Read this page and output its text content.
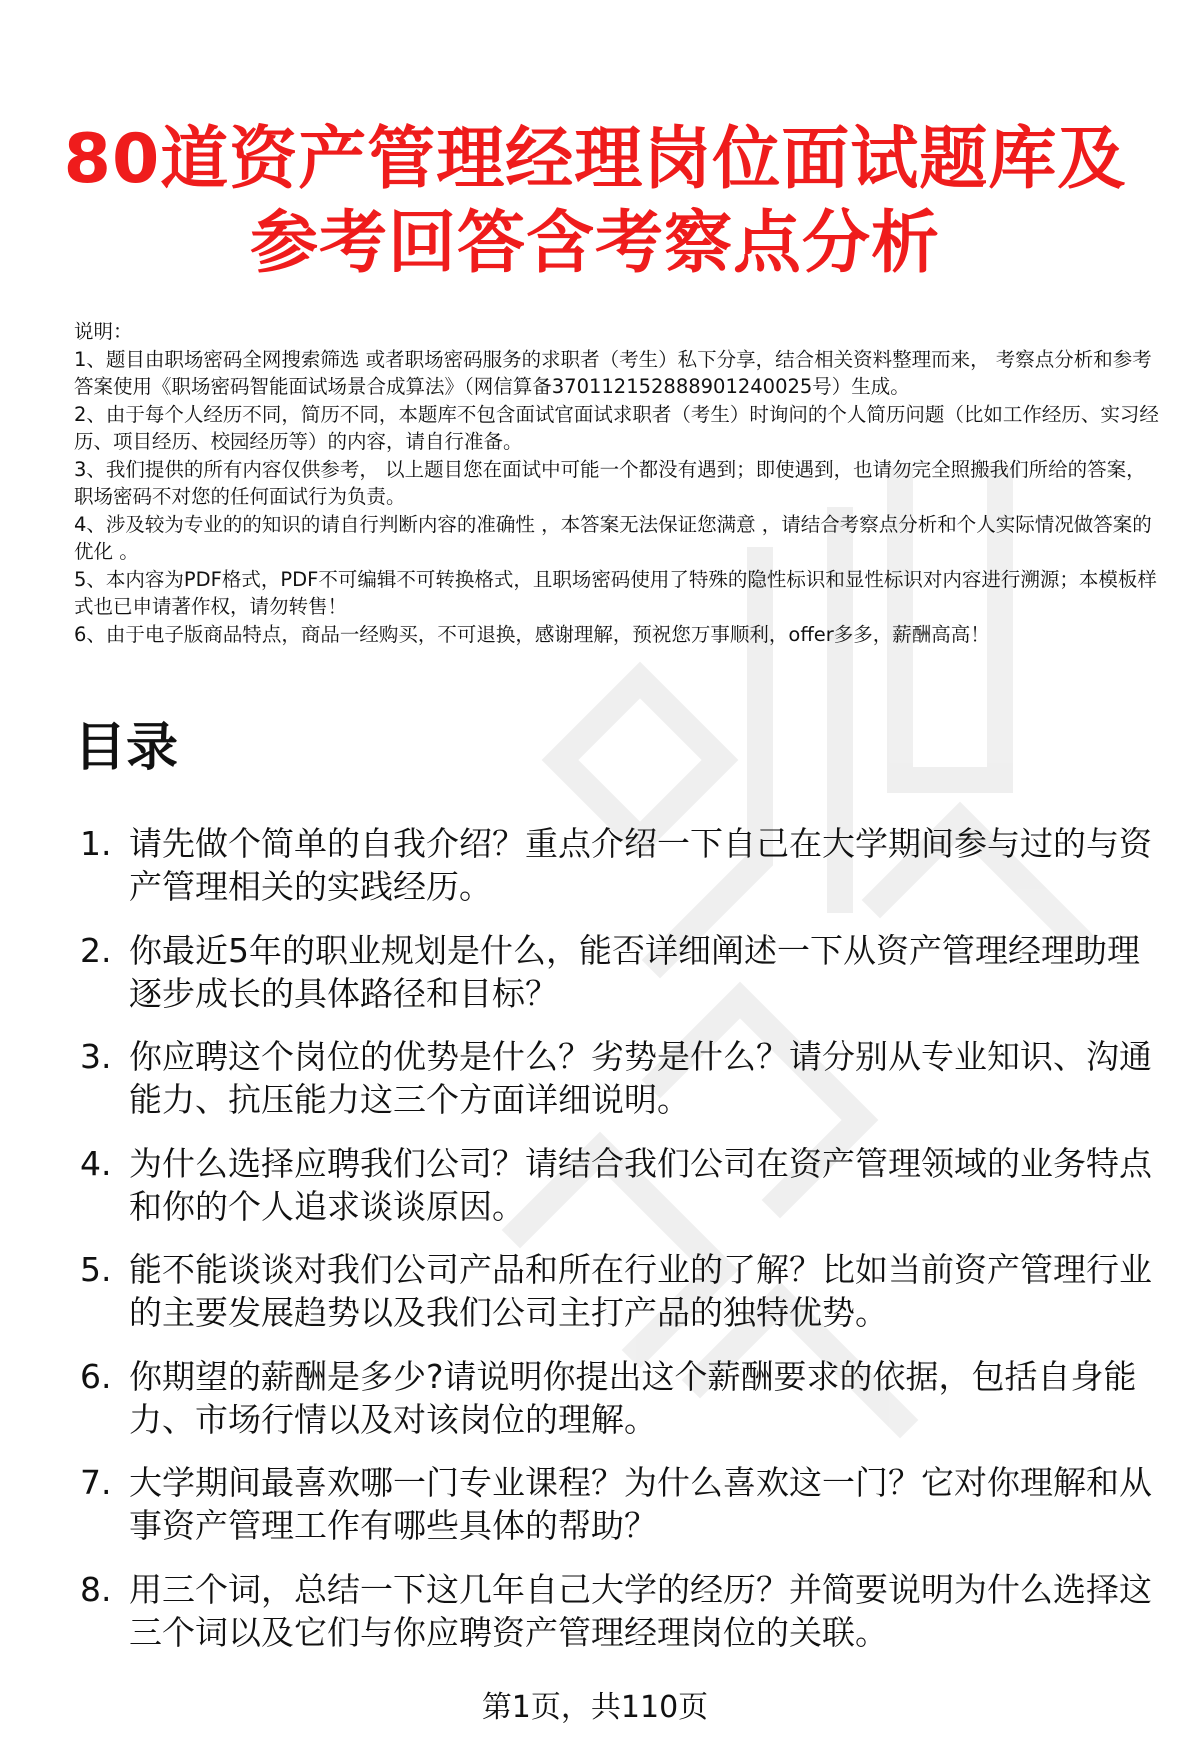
80道资产管理经理岗位面试题库及
参考回答含考察点分析
说明：
1、题目由职场密码全网搜索筛选 或者职场密码服务的求职者（考生）私下分享，结合相关资料整理而来， 考察点分析和参考答案使用《职场密码智能面试场景合成算法》（网信算备370112152888901240025号）生成。
2、由于每个人经历不同，简历不同，本题库不包含面试官面试求职者（考生）时询问的个人简历问题（比如工作经历、实习经历、项目经历、校园经历等）的内容，请自行准备。
3、我们提供的所有内容仅供参考， 以上题目您在面试中可能一个都没有遇到；即使遇到，也请勿完全照搬我们所给的答案，职场密码不对您的任何面试行为负责。
4、涉及较为专业的的知识的请自行判断内容的准确性 ，本答案无法保证您满意 ，请结合考察点分析和个人实际情况做答案的优化 。
5、本内容为PDF格式，PDF不可编辑不可转换格式，且职场密码使用了特殊的隐性标识和显性标识对内容进行溯源；本模板样式也已申请著作权，请勿转售！
6、由于电子版商品特点，商品一经购买，不可退换，感谢理解，预祝您万事顺利，offer多多，薪酬高高！
目录
1. 请先做个简单的自我介绍？重点介绍一下自己在大学期间参与过的与资产管理相关的实践经历。
2. 你最近5年的职业规划是什么，能否详细阐述一下从资产管理经理助理逐步成长的具体路径和目标？
3. 你应聘这个岗位的优势是什么？劣势是什么？请分别从专业知识、沟通能力、抗压能力这三个方面详细说明。
4. 为什么选择应聘我们公司？请结合我们公司在资产管理领域的业务特点和你的个人追求谈谈原因。
5. 能不能谈谈对我们公司产品和所在行业的了解？比如当前资产管理行业的主要发展趋势以及我们公司主打产品的独特优势。
6. 你期望的薪酬是多少?请说明你提出这个薪酬要求的依据，包括自身能力、市场行情以及对该岗位的理解。
7. 大学期间最喜欢哪一门专业课程？为什么喜欢这一门？它对你理解和从事资产管理工作有哪些具体的帮助？
8. 用三个词，总结一下这几年自己大学的经历？并简要说明为什么选择这三个词以及它们与你应聘资产管理经理岗位的关联。
第1页，共110页
